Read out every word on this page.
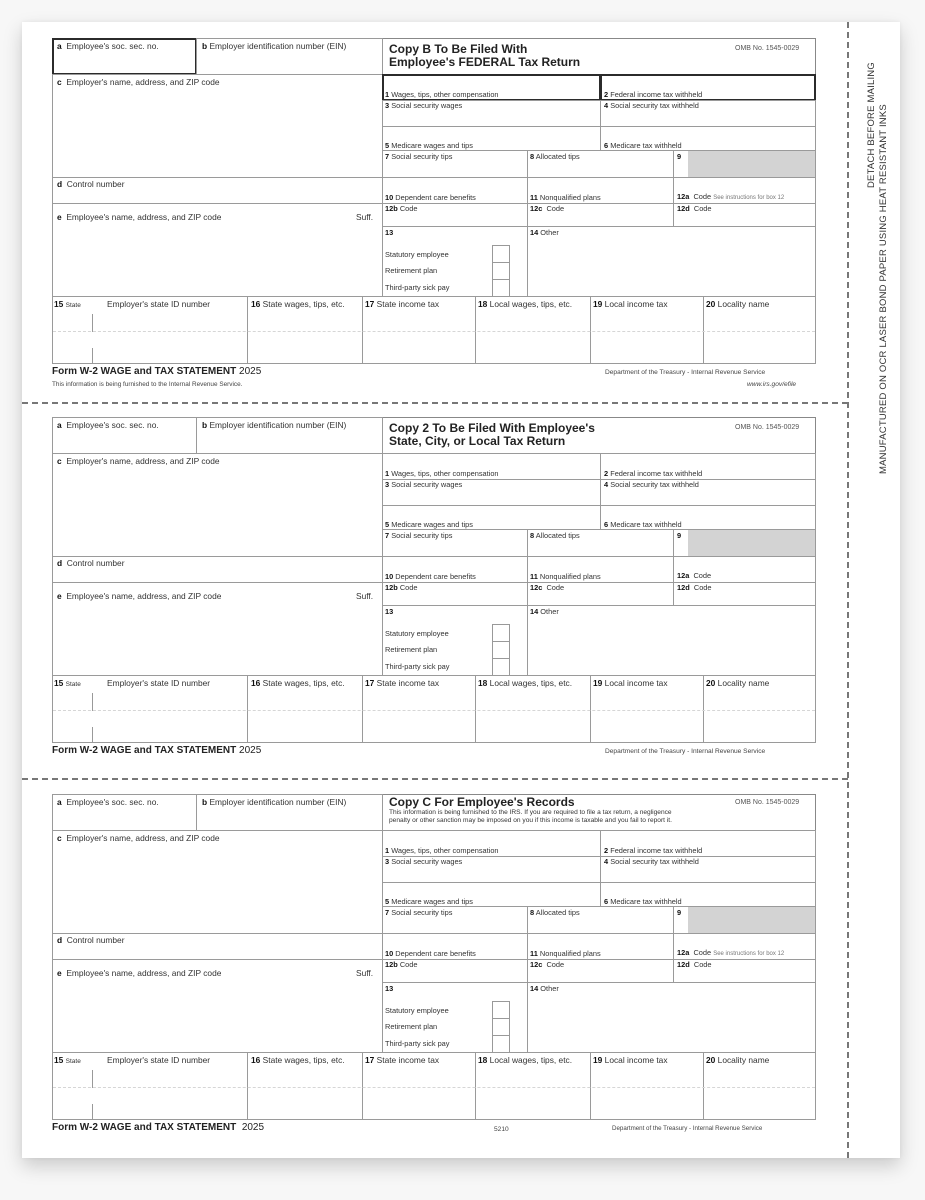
DETACH BEFORE MAILING MANUFACTURED ON OCR LASER BOND PAPER USING HEAT RESISTANT INKS
a Employee's soc. sec. no.	b Employer identification number (EIN)	Copy B To Be Filed With
Employee's FEDERAL Tax Return
OMB No. 1545-0029
c Employer's name, address, and ZIP code
d Control number
e Employee's name, address, and ZIP code	Suff.
1 Wages, tips, other compensation	2 Federal income tax withheld
3 Social security wages	4 Social security tax withheld
5 Medicare wages and tips	6 Medicare tax withheld
7 Social security tips	8 Allocated tips	9
10 Dependent care benefits	11 Nonqualified plans	12a Code See instructions for box 12
12b Code	12c Code	12d Code
13
Statutory employee
Retirement plan
Third-party sick pay
14 Other
15 State	Employer's state ID number	16 State wages, tips, etc. 17 State income tax	18 Local wages, tips, etc. 19 Local income tax	20 Locality name
Form W-2 WAGE and TAX STATEMENT 2025
This information is being furnished to the Internal Revenue Service.
Department of the Treasury - Internal Revenue Service
www.irs.gov/efile
a Employee's soc. sec. no.	b Employer identification number (EIN)	Copy 2 To Be Filed With Employee's
State, City, or Local Tax Return
OMB No. 1545-0029
c Employer's name, address, and ZIP code
d Control number
e Employee's name, address, and ZIP code	Suff.
1 Wages, tips, other compensation	2 Federal income tax withheld
3 Social security wages	4 Social security tax withheld
5 Medicare wages and tips	6 Medicare tax withheld
7 Social security tips	8 Allocated tips	9
10 Dependent care benefits	11 Nonqualified plans	12a Code
12b Code	12c Code	12d Code
13
Statutory employee
Retirement plan
Third-party sick pay
14 Other
15 State	Employer's state ID number	16 State wages, tips, etc. 17 State income tax	18 Local wages, tips, etc. 19 Local income tax	20 Locality name
Form W-2 WAGE and TAX STATEMENT 2025	Department of the Treasury - Internal Revenue Service
a Employee's soc. sec. no.	b Employer identification number (EIN)	Copy C For Employee's Records
This information is being furnished to the IRS. If you are required to file a tax return, a negligence
penalty or other sanction may be imposed on you if this income is taxable and you fail to report it.
OMB No. 1545-0029
c Employer's name, address, and ZIP code
d Control number
e Employee's name, address, and ZIP code	Suff.
1 Wages, tips, other compensation	2 Federal income tax withheld
3 Social security wages	4 Social security tax withheld
5 Medicare wages and tips	6 Medicare tax withheld
7 Social security tips	8 Allocated tips	9
10 Dependent care benefits	11 Nonqualified plans	12a Code See instructions for box 12
12b Code	12c Code	12d Code
13
Statutory employee
Retirement plan
Third-party sick pay
14 Other
15 State	Employer's state ID number	16 State wages, tips, etc. 17 State income tax	18 Local wages, tips, etc. 19 Local income tax	20 Locality name
Form W-2 WAGE and TAX STATEMENT 2025	5210	Department of the Treasury - Internal Revenue Service
